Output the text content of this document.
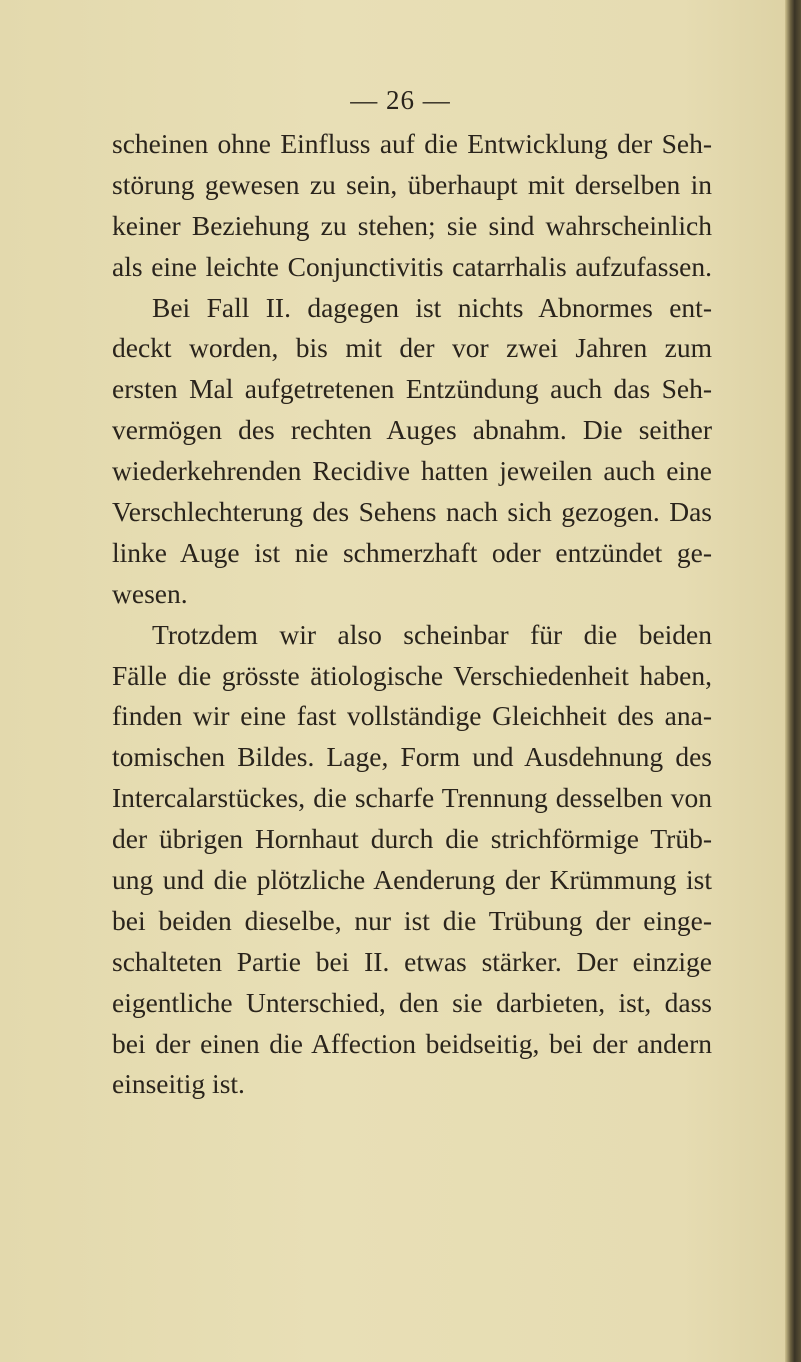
— 26 —
scheinen ohne Einfluss auf die Entwicklung der Seh-
störung gewesen zu sein, überhaupt mit derselben in
keiner Beziehung zu stehen; sie sind wahrscheinlich
als eine leichte Conjunctivitis catarrhalis aufzufassen.
Bei Fall II. dagegen ist nichts Abnormes ent-
deckt worden, bis mit der vor zwei Jahren zum
ersten Mal aufgetretenen Entzündung auch das Seh-
vermögen des rechten Auges abnahm. Die seither
wiederkehrenden Recidive hatten jeweilen auch eine
Verschlechterung des Sehens nach sich gezogen. Das
linke Auge ist nie schmerzhaft oder entzündet ge-
wesen.
Trotzdem wir also scheinbar für die beiden
Fälle die grösste ätiologische Verschiedenheit haben,
finden wir eine fast vollständige Gleichheit des ana-
tomischen Bildes. Lage, Form und Ausdehnung des
Intercalarstückes, die scharfe Trennung desselben von
der übrigen Hornhaut durch die strichförmige Trüb-
ung und die plötzliche Aenderung der Krümmung ist
bei beiden dieselbe, nur ist die Trübung der einge-
schalteten Partie bei II. etwas stärker. Der einzige
eigentliche Unterschied, den sie darbieten, ist, dass
bei der einen die Affection beidseitig, bei der andern
einseitig ist.
